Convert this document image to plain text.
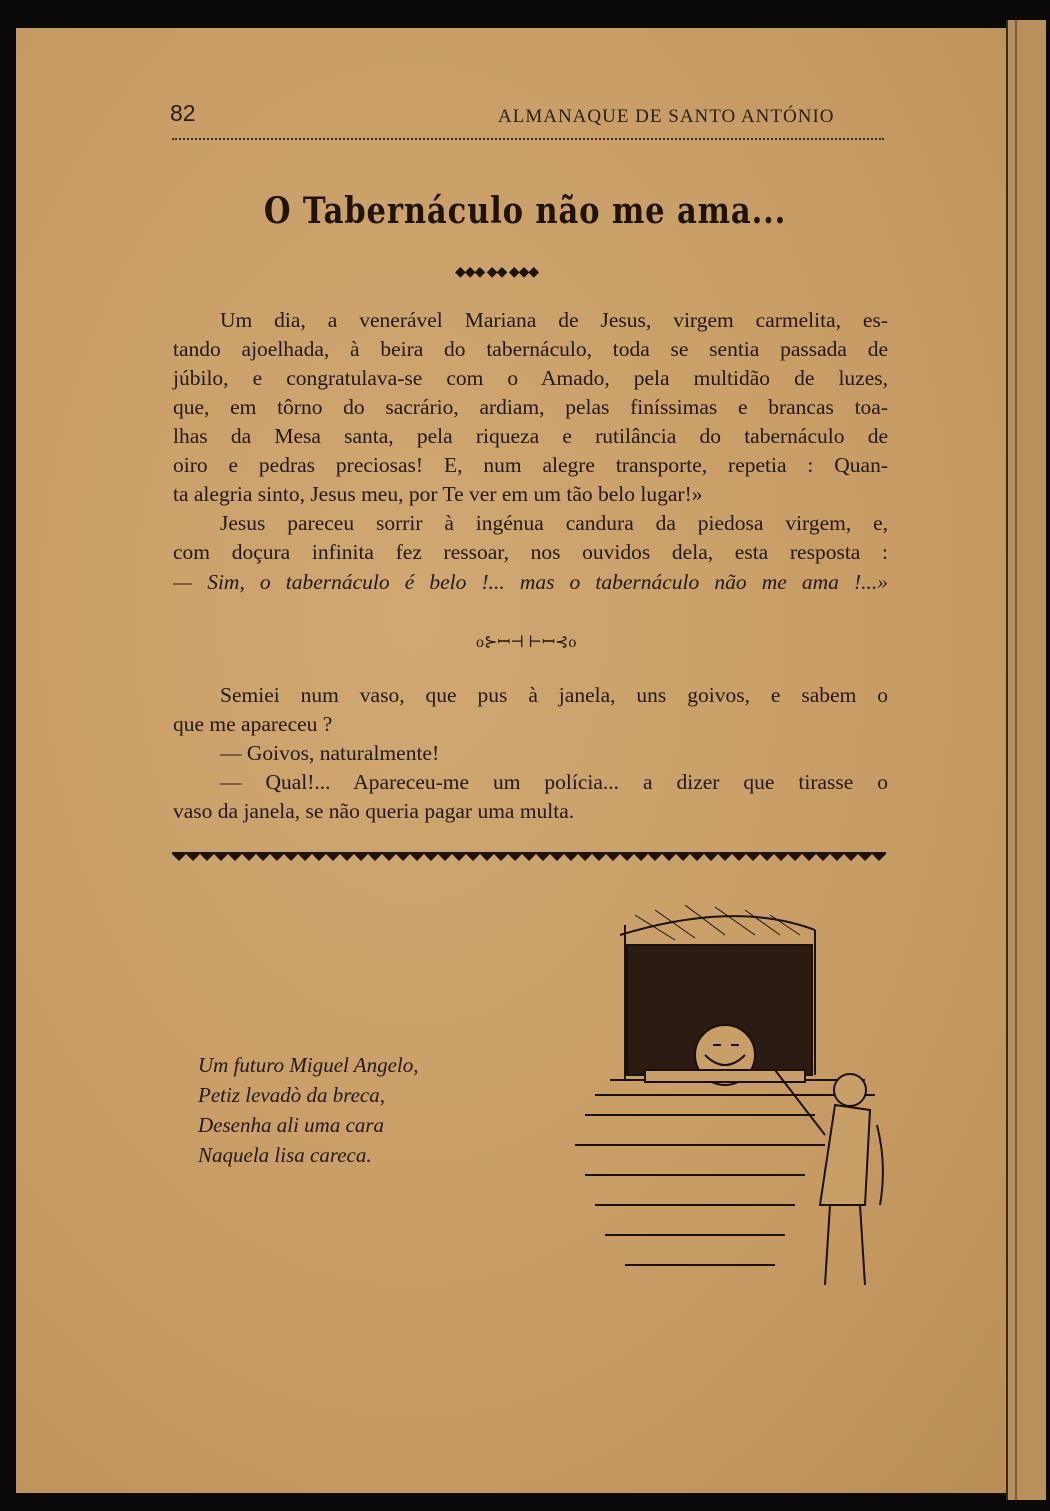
82	ALMANAQUE DE SANTO ANTÓNIO
O Tabernáculo não me ama...
◆◆◆ ◆◆ ◆◆◆
Um dia, a venerável Mariana de Jesus, virgem carmelita, es-
tando ajoelhada, à beira do tabernáculo, toda se sentia passada de
júbilo, e congratulava-se com o Amado, pela multidão de luzes,
que, em tôrno do sacrário, ardiam, pelas finíssimas e brancas toa-
lhas da Mesa santa, pela riqueza e rutilância do tabernáculo de
oiro e pedras preciosas! E, num alegre transporte, repetia : Quan-
ta alegria sinto, Jesus meu, por Te ver em um tão belo lugar!»
Jesus pareceu sorrir à ingénua candura da piedosa virgem, e,
com doçura infinita fez ressoar, nos ouvidos dela, esta resposta :
— Sim, o tabernáculo é belo !... mas o tabernáculo não me ama !...»
o⊱ꟷ⊣ ⊢ꟷ⊰o
Semiei num vaso, que pus à janela, uns goivos, e sabem o
que me apareceu ?
— Goivos, naturalmente!
— Qual!... Apareceu-me um polícia... a dizer que tirasse o
vaso da janela, se não queria pagar uma multa.
Um futuro Miguel Angelo,
Petiz levadò da breca,
Desenha ali uma cara
Naquela lisa careca.
